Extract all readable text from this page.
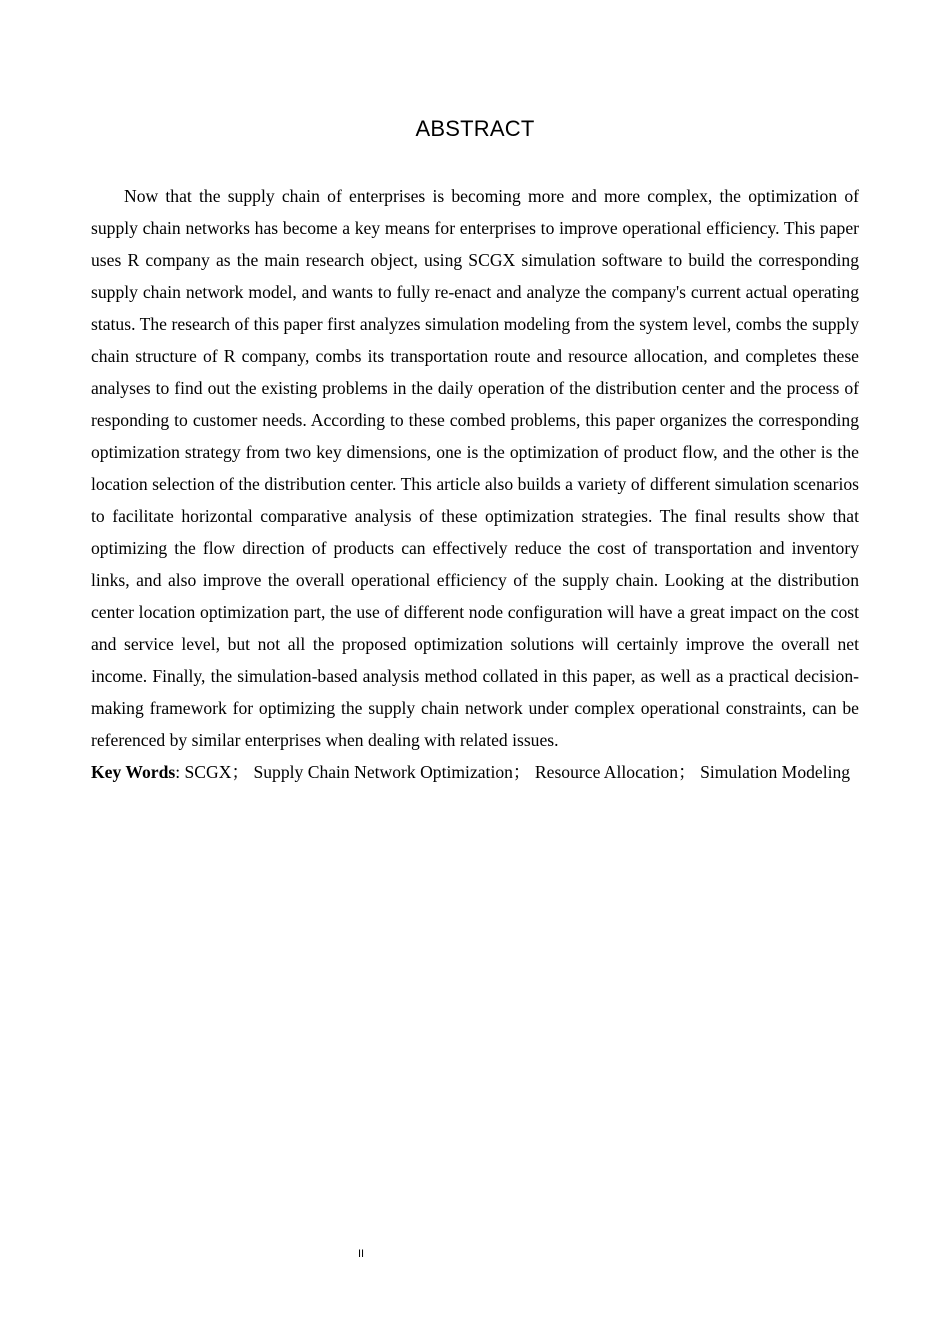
ABSTRACT

Now that the supply chain of enterprises is becoming more and more complex, the optimization of supply chain networks has become a key means for enterprises to improve operational efficiency. This paper uses R company as the main research object, using SCGX simulation software to build the corresponding supply chain network model, and wants to fully re-enact and analyze the company's current actual operating status. The research of this paper first analyzes simulation modeling from the system level, combs the supply chain structure of R company, combs its transportation route and resource allocation, and completes these analyses to find out the existing problems in the daily operation of the distribution center and the process of responding to customer needs. According to these combed problems, this paper organizes the corresponding optimization strategy from two key dimensions, one is the optimization of product flow, and the other is the location selection of the distribution center. This article also builds a variety of different simulation scenarios to facilitate horizontal comparative analysis of these optimization strategies. The final results show that optimizing the flow direction of products can effectively reduce the cost of transportation and inventory links, and also improve the overall operational efficiency of the supply chain. Looking at the distribution center location optimization part, the use of different node configuration will have a great impact on the cost and service level, but not all the proposed optimization solutions will certainly improve the overall net income. Finally, the simulation-based analysis method collated in this paper, as well as a practical decision-making framework for optimizing the supply chain network under complex operational constraints, can be referenced by similar enterprises when dealing with related issues.

Key Words: SCGX； Supply Chain Network Optimization； Resource Allocation； Simulation Modeling

II
